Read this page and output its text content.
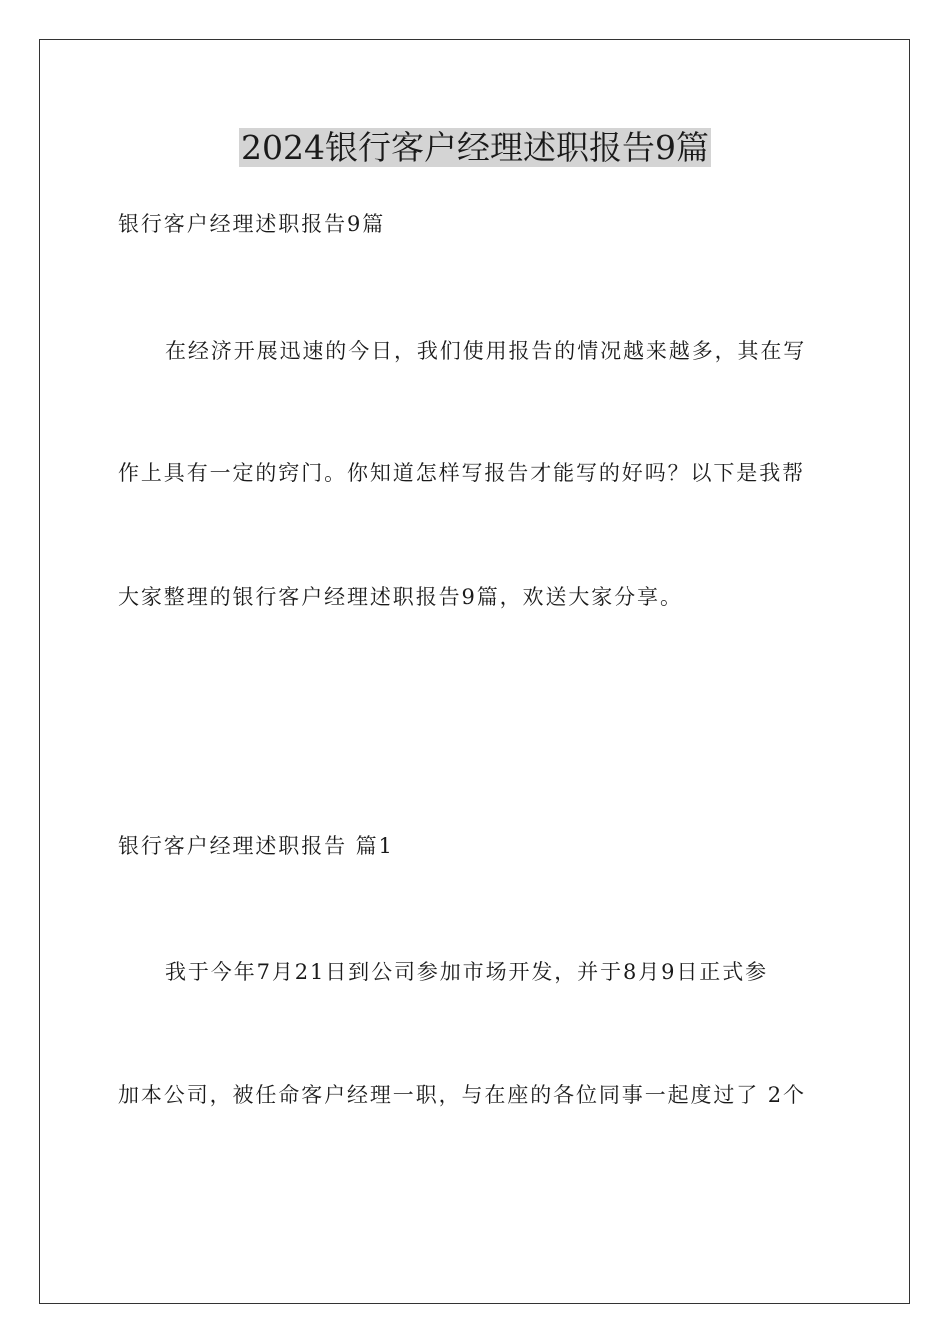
2024银行客户经理述职报告9篇

银行客户经理述职报告9篇

在经济开展迅速的今日，我们使用报告的情况越来越多，其在写

作上具有一定的窍门。你知道怎样写报告才能写的好吗？以下是我帮

大家整理的银行客户经理述职报告9篇，欢送大家分享。

银行客户经理述职报告 篇1

我于今年7月21日到公司参加市场开发，并于8月9日正式参

加本公司，被任命客户经理一职，与在座的各位同事一起度过了 2个
